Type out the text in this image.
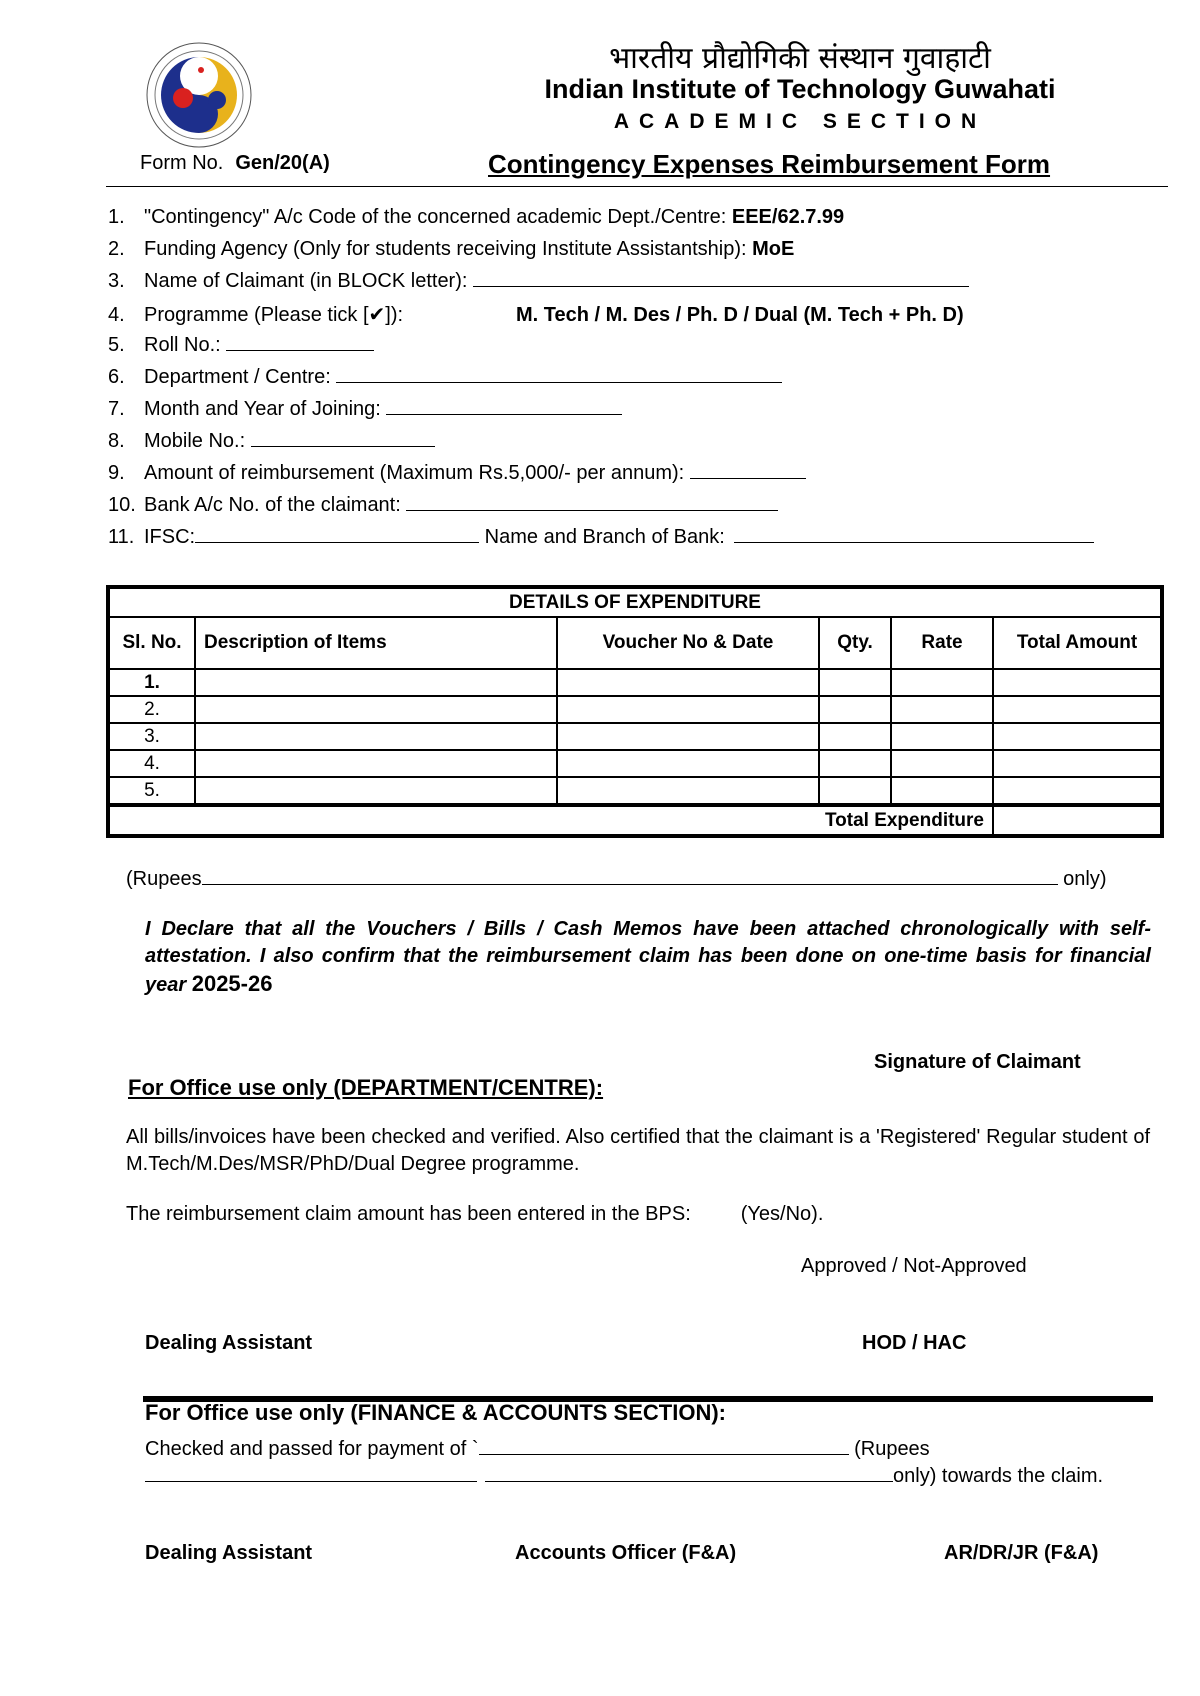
भारतीय प्रौद्योगिकी संस्थान गुवाहाटी
Indian Institute of Technology Guwahati
ACADEMIC SECTION
Form No. Gen/20(A)	Contingency Expenses Reimbursement Form
1. "Contingency" A/c Code of the concerned academic Dept./Centre: EEE/62.7.99
2. Funding Agency (Only for students receiving Institute Assistantship): MoE
3. Name of Claimant (in BLOCK letter):
4. Programme (Please tick [✔]):	M. Tech / M. Des / Ph. D / Dual (M. Tech + Ph. D)
5. Roll No.:
6. Department / Centre:
7. Month and Year of Joining:
8. Mobile No.:
9. Amount of reimbursement (Maximum Rs.5,000/- per annum):
10. Bank A/c No. of the claimant:
11. IFSC:	Name and Branch of Bank:
DETAILS OF EXPENDITURE					
Sl. No.	Description of Items	Voucher No & Date	Qty.	Rate	Total Amount
1.					
2.					
3.					
4.					
5.					
Total Expenditure					
(Rupees	only)
I Declare that all the Vouchers / Bills / Cash Memos have been attached chronologically with self-attestation. I also confirm that the reimbursement claim has been done on one-time basis for financial year 2025-26
Signature of Claimant
For Office use only (DEPARTMENT/CENTRE):
All bills/invoices have been checked and verified. Also certified that the claimant is a 'Registered' Regular student of M.Tech/M.Des/MSR/PhD/Dual Degree programme.
The reimbursement claim amount has been entered in the BPS:	(Yes/No).
Approved / Not-Approved
Dealing Assistant	HOD / HAC
For Office use only (FINANCE & ACCOUNTS SECTION):
Checked and passed for payment of `	(Rupees
only) towards the claim.
Dealing Assistant	Accounts Officer (F&A)	AR/DR/JR (F&A)
